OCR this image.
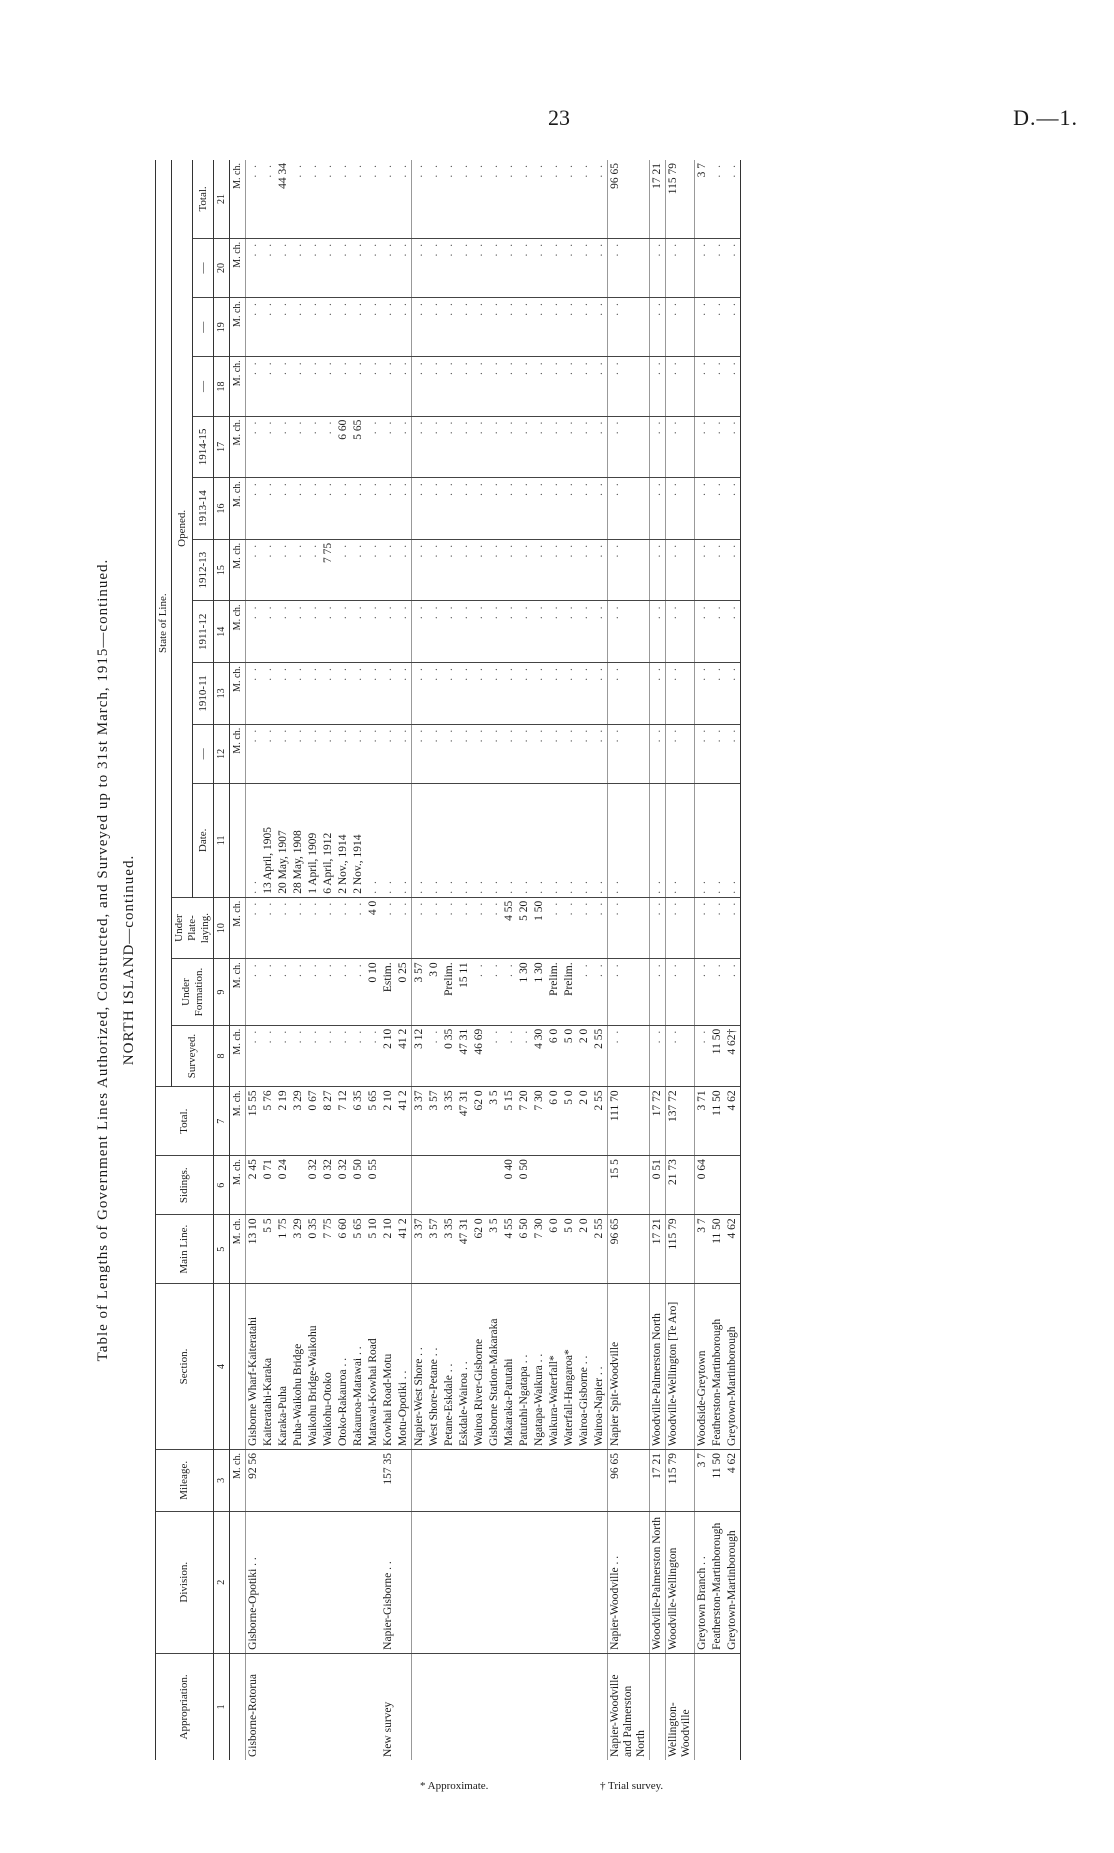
23	D.—1.
Table of Lengths of Government Lines Authorized, Constructed, and Surveyed up to 31st March, 1915—continued. NORTH ISLAND—continued.
Appropriation.	Division.	Mileage.	Section.	Main Line.	Sidings.	Total.	State of Line.													
							Surveyed.	Under Formation.	Under Plate-laying.	Opened.										
										Date.	—	1910-11	1911-12	1912-13	1913-14	1914-15	—	—	—	Total.
1	2	3	4	5	6	7	8	9	10	11	12	13	14	15	16	17	18	19	20	21
		M. ch.		M. ch.	M. ch.	M. ch.	M. ch.	M. ch.	M. ch.		M. ch.	M. ch.	M. ch.	M. ch.	M. ch.	M. ch.	M. ch.	M. ch.	M. ch.	M. ch.
Gisborne-Rotorua	Gisborne-Opotiki . .	92 56	Gisborne Wharf-Kaiteratahi	13 10	2 45	15 55	. .	. .	. .	. .	. .	. .	. .	. .	. .	. .	. .	. .	. .	. .
			Kaiteratahi-Karaka	5 5	0 71	5 76	. .	. .	. .	13 April, 1905	. .	. .	. .	. .	. .	. .	. .	. .	. .	. .
			Karaka-Puha	1 75	0 24	2 19	. .	. .	. .	20 May, 1907	. .	. .	. .	. .	. .	. .	. .	. .	. .	44 34
			Puha-Waikohu Bridge	3 29		3 29	. .	. .	. .	28 May, 1908	. .	. .	. .	. .	. .	. .	. .	. .	. .	. .
			Waikohu Bridge-Waikohu	0 35	0 32	0 67	. .	. .	. .	1 April, 1909	. .	. .	. .	. .	. .	. .	. .	. .	. .	. .
			Waikohu-Otoko	7 75	0 32	8 27	. .	. .	. .	6 April, 1912	. .	. .	. .	7 75	. .	. .	. .	. .	. .	. .
			Otoko-Rakauroa . .	6 60	0 32	7 12	. .	. .	. .	2 Nov., 1914	. .	. .	. .	. .	. .	6 60	. .	. .	. .	. .
			Rakauroa-Matawai . .	5 65	0 50	6 35	. .	. .	. .	2 Nov., 1914	. .	. .	. .	. .	. .	5 65	. .	. .	. .	. .
			Matawai-Kowhai Road	5 10	0 55	5 65	. .	0 10	4 0	. .	. .	. .	. .	. .	. .	. .	. .	. .	. .	. .
New survey	Napier-Gisborne . .	157 35	Kowhai Road-Motu	2 10		2 10	2 10	Estim.	. .	. .	. .	. .	. .	. .	. .	. .	. .	. .	. .	. .
			Motu-Opotiki . .	41 2		41 2	41 2	0 25	. .	. .	. .	. .	. .	. .	. .	. .	. .	. .	. .	. .
			Napier-West Shore . .	3 37		3 37	3 12	3 57	. .	. .	. .	. .	. .	. .	. .	. .	. .	. .	. .	. .
			West Shore-Petane . .	3 57		3 57	. .	3 0	. .	. .	. .	. .	. .	. .	. .	. .	. .	. .	. .	. .
			Petane-Eskdale . .	3 35		3 35	0 35	Prelim.	. .	. .	. .	. .	. .	. .	. .	. .	. .	. .	. .	. .
			Eskdale-Wairoa . .	47 31		47 31	47 31	15 11	. .	. .	. .	. .	. .	. .	. .	. .	. .	. .	. .	. .
			Wairoa River-Gisborne	62 0		62 0	46 69	. .	. .	. .	. .	. .	. .	. .	. .	. .	. .	. .	. .	. .
			Gisborne Station-Makaraka	3 5		3 5	. .	. .	. .	. .	. .	. .	. .	. .	. .	. .	. .	. .	. .	. .
			Makaraka-Patutahi	4 55	0 40	5 15	. .	. .	4 55	. .	. .	. .	. .	. .	. .	. .	. .	. .	. .	. .
			Patutahi-Ngatapa . .	6 50	0 50	7 20	. .	1 30	5 20	. .	. .	. .	. .	. .	. .	. .	. .	. .	. .	. .
			Ngatapa-Waikura . .	7 30		7 30	4 30	1 30	1 50	. .	. .	. .	. .	. .	. .	. .	. .	. .	. .	. .
			Waikura-Waterfall*	6 0		6 0	6 0	Prelim.	. .	. .	. .	. .	. .	. .	. .	. .	. .	. .	. .	. .
			Waterfall-Hangaroa*	5 0		5 0	5 0	Prelim.	. .	. .	. .	. .	. .	. .	. .	. .	. .	. .	. .	. .
			Wairoa-Gisborne . .	2 0		2 0	2 0	. .	. .	. .	. .	. .	. .	. .	. .	. .	. .	. .	. .	. .
			Wairoa-Napier . .	2 55		2 55	2 55	. .	. .	. .	. .	. .	. .	. .	. .	. .	. .	. .	. .	. .
Napier-Woodville and Palmerston North	Napier-Woodville . .	96 65	Napier Spit-Woodville	96 65	15 5	111 70	. .	. .	. .	. .	. .	. .	. .	. .	. .	. .	. .	. .	. .	96 65
	Woodville-Palmerston North	17 21	Woodville-Palmerston North	17 21	0 51	17 72	. .	. .	. .	. .	. .	. .	. .	. .	. .	. .	. .	. .	. .	17 21
Wellington-Woodville	Woodville-Wellington	115 79	Woodville-Wellington [Te Aro]	115 79	21 73	137 72	. .	. .	. .	. .	. .	. .	. .	. .	. .	. .	. .	. .	. .	115 79
	Greytown Branch . .	3 7	Woodside-Greytown	3 7	0 64	3 71	. .	. .	. .	. .	. .	. .	. .	. .	. .	. .	. .	. .	. .	3 7
	Featherston-Martinborough	11 50	Featherston-Martinborough	11 50		11 50	11 50	. .	. .	. .	. .	. .	. .	. .	. .	. .	. .	. .	. .	. .
	Greytown-Martinborough	4 62	Greytown-Martinborough	4 62		4 62	4 62†	. .	. .	. .	. .	. .	. .	. .	. .	. .	. .	. .	. .	. .
* Approximate.	† Trial survey.
